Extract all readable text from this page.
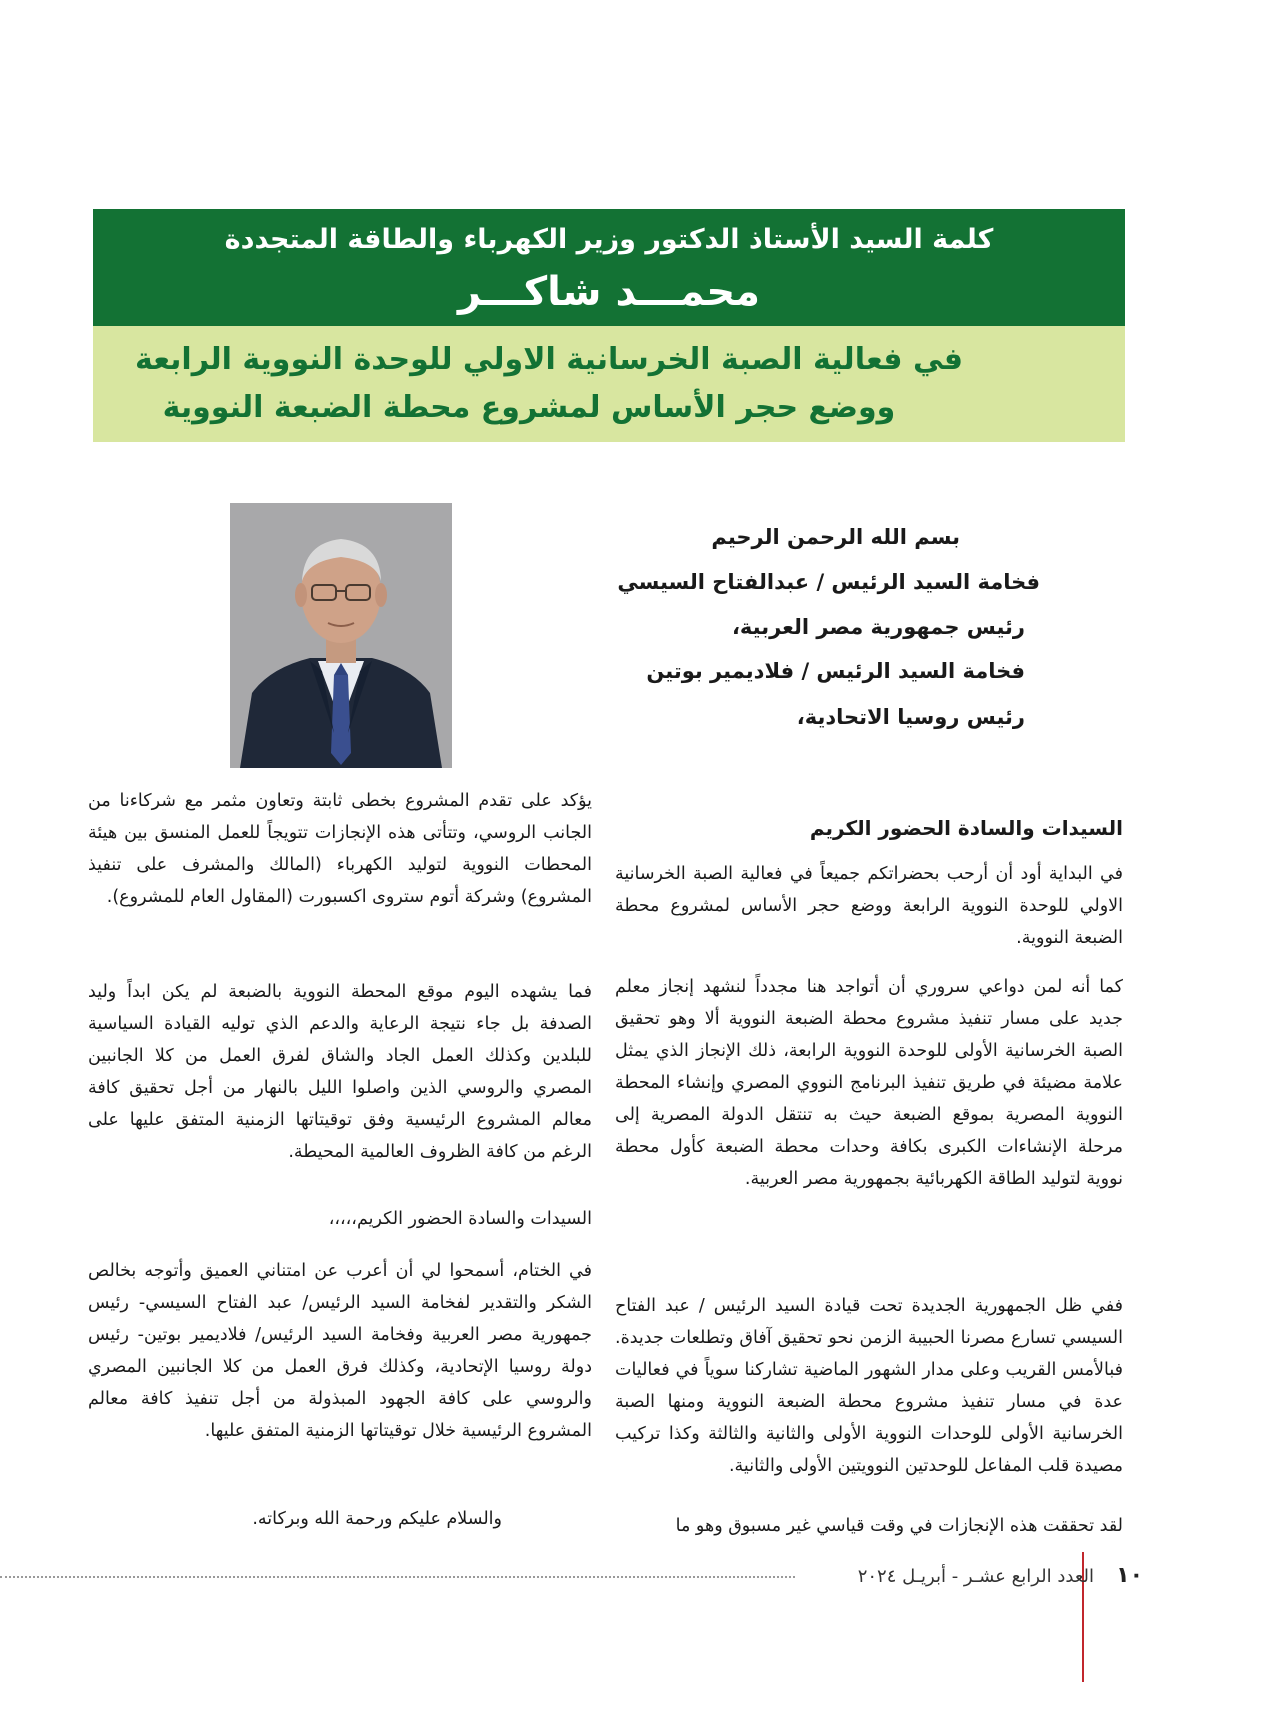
كلمة السيد الأستاذ الدكتور وزير الكهرباء والطاقة المتجددة
محمـــد شاكـــر
في فعالية الصبة الخرسانية الاولي للوحدة النووية الرابعة
ووضع حجر الأساس لمشروع محطة الضبعة النووية
بسم الله الرحمن الرحيم
فخامة السيد الرئيس / عبدالفتاح السيسي
رئيس جمهورية مصر العربية،
فخامة السيد الرئيس / فلاديمير بوتين
رئيس روسيا الاتحادية،
السيدات والسادة الحضور الكريم

في البداية أود أن أرحب بحضراتكم جميعاً في فعالية الصبة الخرسانية الاولي للوحدة النووية الرابعة ووضع حجر الأساس لمشروع محطة الضبعة النووية.

كما أنه لمن دواعي سروري أن أتواجد هنا مجدداً لنشهد إنجاز معلم جديد على مسار تنفيذ مشروع محطة الضبعة النووية ألا وهو تحقيق الصبة الخرسانية الأولى للوحدة النووية الرابعة، ذلك الإنجاز الذي يمثل علامة مضيئة في طريق تنفيذ البرنامج النووي المصري وإنشاء المحطة النووية المصرية بموقع الضبعة حيث به تنتقل الدولة المصرية إلى مرحلة الإنشاءات الكبرى بكافة وحدات محطة الضبعة كأول محطة نووية لتوليد الطاقة الكهربائية بجمهورية مصر العربية.

ففي ظل الجمهورية الجديدة تحت قيادة السيد الرئيس / عبد الفتاح السيسي تسارع مصرنا الحبيبة الزمن نحو تحقيق آفاق وتطلعات جديدة. فبالأمس القريب وعلى مدار الشهور الماضية تشاركنا سوياً في فعاليات عدة في مسار تنفيذ مشروع محطة الضبعة النووية ومنها الصبة الخرسانية الأولى للوحدات النووية الأولى والثانية والثالثة وكذا تركيب مصيدة قلب المفاعل للوحدتين النوويتين الأولى والثانية.

لقد تحققت هذه الإنجازات في وقت قياسي غير مسبوق وهو ما

يؤكد على تقدم المشروع بخطى ثابتة وتعاون مثمر مع شركاءنا من الجانب الروسي، وتتأتى هذه الإنجازات تتويجاً للعمل المنسق بين هيئة المحطات النووية لتوليد الكهرباء (المالك والمشرف على تنفيذ المشروع) وشركة أتوم ستروى اكسبورت (المقاول العام للمشروع).

فما يشهده اليوم موقع المحطة النووية بالضبعة لم يكن ابداً وليد الصدفة بل جاء نتيجة الرعاية والدعم الذي توليه القيادة السياسية للبلدين وكذلك العمل الجاد والشاق لفرق العمل من كلا الجانبين المصري والروسي الذين واصلوا الليل بالنهار من أجل تحقيق كافة معالم المشروع الرئيسية وفق توقيتاتها الزمنية المتفق عليها على الرغم من كافة الظروف العالمية المحيطة.

السيدات والسادة الحضور الكريم،،،،،

في الختام، أسمحوا لي أن أعرب عن امتناني العميق وأتوجه بخالص الشكر والتقدير لفخامة السيد الرئيس/ عبد الفتاح السيسي- رئيس جمهورية مصر العربية وفخامة السيد الرئيس/ فلاديمير بوتين- رئيس دولة روسيا الإتحادية، وكذلك فرق العمل من كلا الجانبين المصري والروسي على كافة الجهود المبذولة من أجل تنفيذ كافة معالم المشروع الرئيسية خلال توقيتاتها الزمنية المتفق عليها.

والسلام عليكم ورحمة الله وبركاته.

العدد الرابع عشـر - أبريـل ٢٠٢٤ ١٠
